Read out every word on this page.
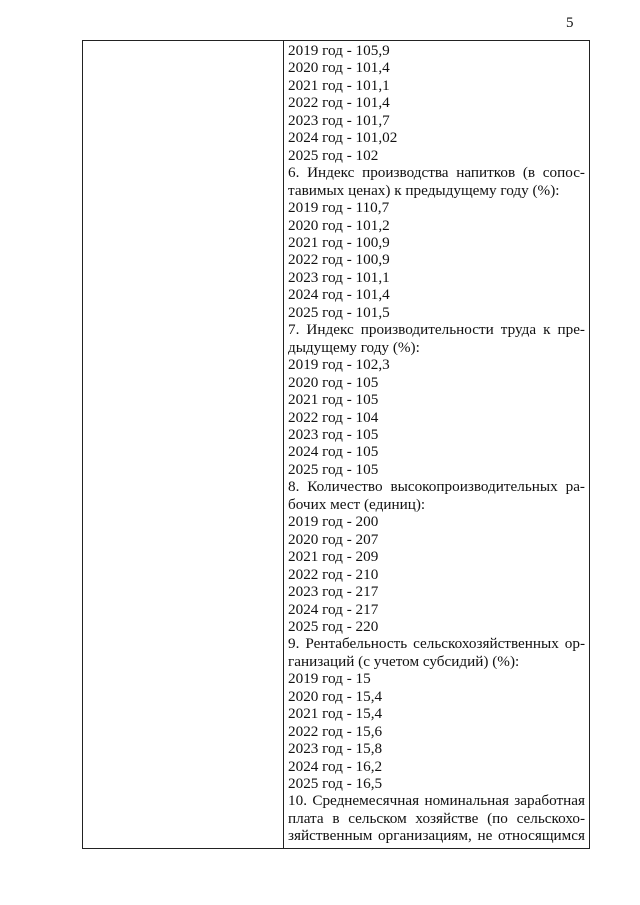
5

2019 год - 105,9
2020 год - 101,4
2021 год - 101,1
2022 год - 101,4
2023 год - 101,7
2024 год - 101,02
2025 год - 102
6. Индекс производства напитков (в сопос-
тавимых ценах) к предыдущему году (%):
2019 год - 110,7
2020 год - 101,2
2021 год - 100,9
2022 год - 100,9
2023 год - 101,1
2024 год - 101,4
2025 год - 101,5
7. Индекс производительности труда к пре-
дыдущему году (%):
2019 год - 102,3
2020 год - 105
2021 год - 105
2022 год - 104
2023 год - 105
2024 год - 105
2025 год - 105
8. Количество высокопроизводительных ра-
бочих мест (единиц):
2019 год - 200
2020 год - 207
2021 год - 209
2022 год - 210
2023 год - 217
2024 год - 217
2025 год - 220
9. Рентабельность сельскохозяйственных ор-
ганизаций (с учетом субсидий) (%):
2019 год - 15
2020 год - 15,4
2021 год - 15,4
2022 год - 15,6
2023 год - 15,8
2024 год - 16,2
2025 год - 16,5
10. Среднемесячная номинальная заработная
плата в сельском хозяйстве (по сельскохо-
зяйственным организациям, не относящимся
